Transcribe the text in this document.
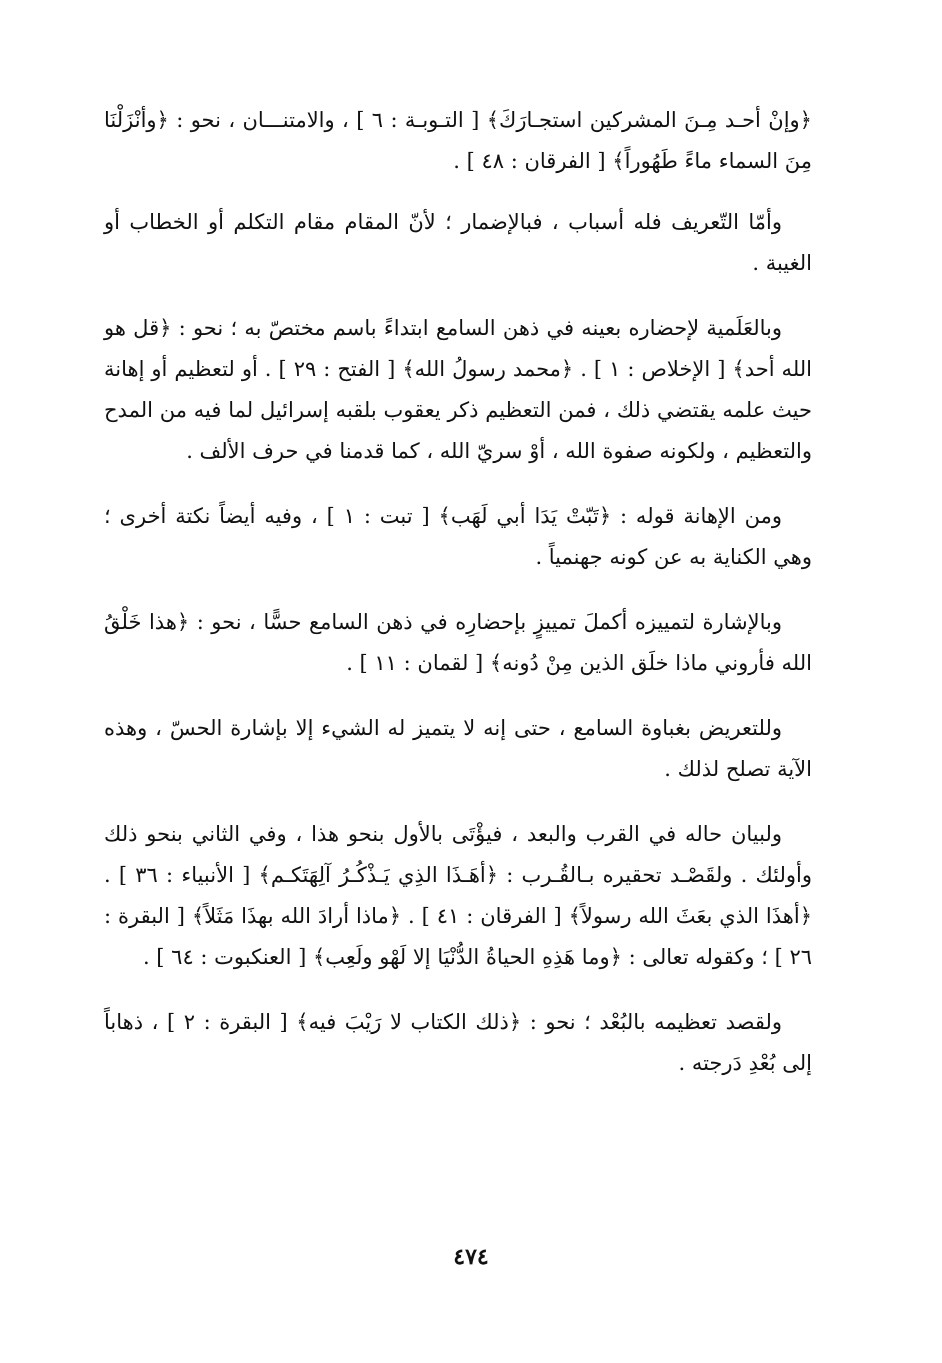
﴿وإنْ أحـد مِـنَ المشركين استجـارَكَ﴾ [ التـوبـة : ٦ ] ، والامتنـــان ، نحو : ﴿وأنْزَلْنَا مِنَ السماء ماءً طَهُوراً﴾ [ الفرقان : ٤٨ ] .

وأمّا التّعريف فله أسباب ، فبالإضمار ؛ لأنّ المقام مقام التكلم أو الخطاب أو الغيبة .

وبالعَلَمية لإحضاره بعينه في ذهن السامع ابتداءً باسم مختصّ به ؛ نحو : ﴿قل هو الله أحد﴾ [ الإخلاص : ١ ] . ﴿محمد رسولُ الله﴾ [ الفتح : ٢٩ ] . أو لتعظيم أو إهانة حيث علمه يقتضي ذلك ، فمن التعظيم ذكر يعقوب بلقبه إسرائيل لما فيه من المدح والتعظيم ، ولكونه صفوة الله ، أوْ سريّ الله ، كما قدمنا في حرف الألف .

ومن الإهانة قوله : ﴿تَبّتْ يَدَا أبي لَهَب﴾ [ تبت : ١ ] ، وفيه أيضاً نكتة أخرى ؛ وهي الكناية به عن كونه جهنمياً .

وبالإشارة لتمييزه أكملَ تمييزٍ بإحضارِه في ذهن السامع حسًّا ، نحو : ﴿هذا خَلْقُ الله فأروني ماذا خلَق الذين مِنْ دُونه﴾ [ لقمان : ١١ ] .

وللتعريض بغباوة السامع ، حتى إنه لا يتميز له الشيء إلا بإشارة الحسّ ، وهذه الآية تصلح لذلك .

ولبيان حاله في القرب والبعد ، فيؤْتَى بالأول بنحو هذا ، وفي الثاني بنحو ذلك وأولئك . ولقَصْـد تحقيره بـالقُـرب : ﴿أهَـذَا الذِي يَـذْكُـرُ آلِهَتَكـم﴾ [ الأنبياء : ٣٦ ] . ﴿أهذَا الذي بعَثَ الله رسولاً﴾ [ الفرقان : ٤١ ] . ﴿ماذا أرادَ الله بهذَا مَثَلاً﴾ [ البقرة : ٢٦ ] ؛ وكقوله تعالى : ﴿وما هَذِهِ الحياةُ الدُّنْيَا إلا لَهْو ولَعِب﴾ [ العنكبوت : ٦٤ ] .

ولقصد تعظيمه بالبُعْد ؛ نحو : ﴿ذلك الكتاب لا رَيْبَ فيه﴾ [ البقرة : ٢ ] ، ذهاباً إلى بُعْدِ دَرجته .

٤٧٤
